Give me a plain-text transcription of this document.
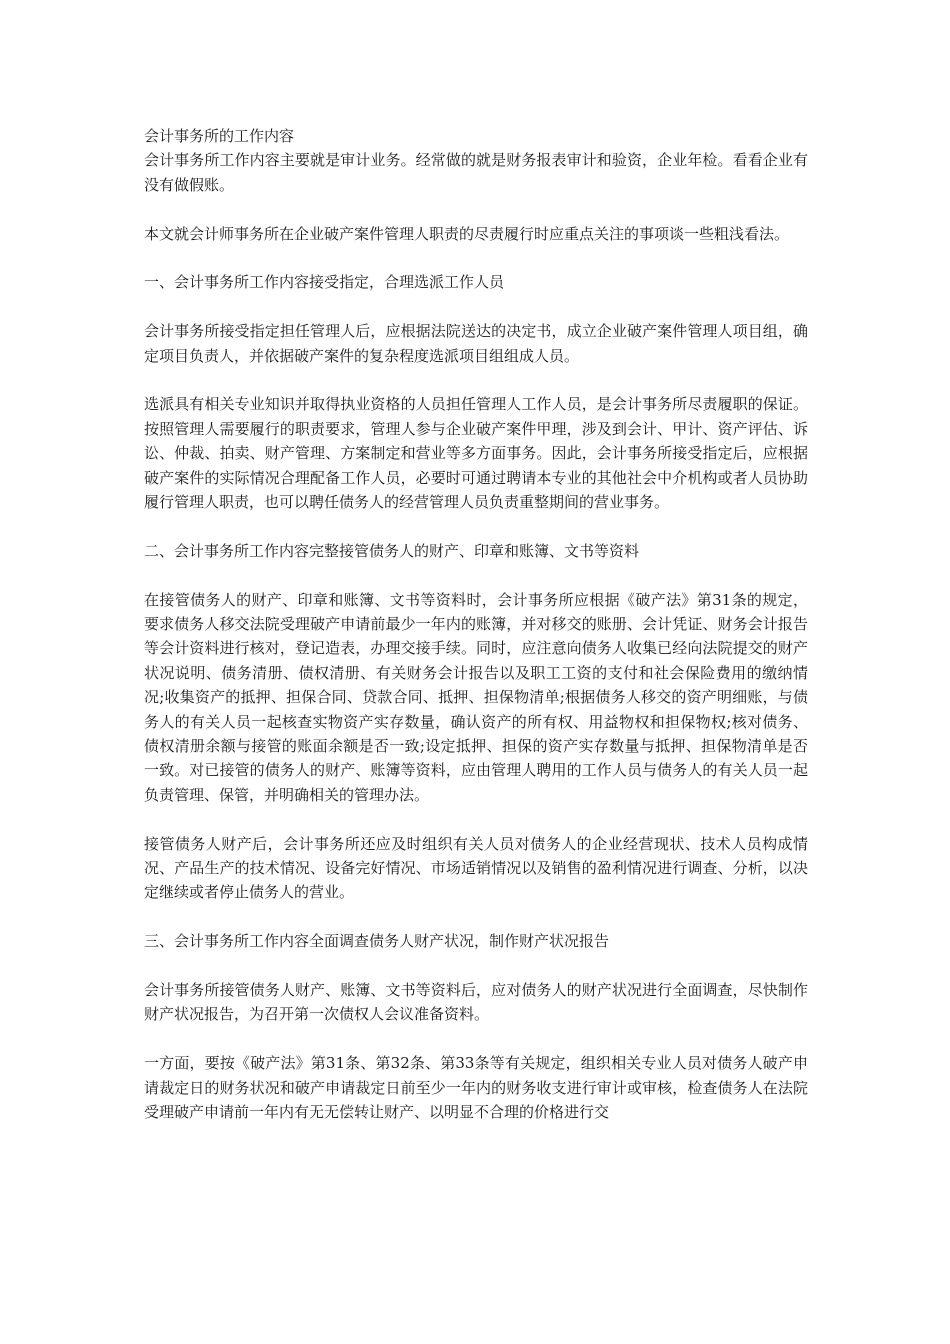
会计事务所的工作内容

会计事务所工作内容主要就是审计业务。经常做的就是财务报表审计和验资，企业年检。看看企业有没有做假账。

本文就会计师事务所在企业破产案件管理人职责的尽责履行时应重点关注的事项谈一些粗浅看法。

一、会计事务所工作内容接受指定，合理选派工作人员

会计事务所接受指定担任管理人后，应根据法院送达的决定书，成立企业破产案件管理人项目组，确定项目负责人，并依据破产案件的复杂程度选派项目组组成人员。

选派具有相关专业知识并取得执业资格的人员担任管理人工作人员，是会计事务所尽责履职的保证。按照管理人需要履行的职责要求，管理人参与企业破产案件甲理，涉及到会计、甲计、资产评估、诉讼、仲裁、拍卖、财产管理、方案制定和营业等多方面事务。因此，会计事务所接受指定后，应根据破产案件的实际情况合理配备工作人员，必要时可通过聘请本专业的其他社会中介机构或者人员协助履行管理人职责，也可以聘任债务人的经营管理人员负责重整期间的营业事务。

二、会计事务所工作内容完整接管债务人的财产、印章和账簿、文书等资料

在接管债务人的财产、印章和账簿、文书等资料时，会计事务所应根据《破产法》第31条的规定，要求债务人移交法院受理破产申请前最少一年内的账簿，并对移交的账册、会计凭证、财务会计报告等会计资料进行核对，登记造表，办理交接手续。同时，应注意向债务人收集已经向法院提交的财产状况说明、债务清册、债权清册、有关财务会计报告以及职工工资的支付和社会保险费用的缴纳情况;收集资产的抵押、担保合同、贷款合同、抵押、担保物清单;根据债务人移交的资产明细账，与债务人的有关人员一起核查实物资产实存数量，确认资产的所有权、用益物权和担保物权;核对债务、债权清册余额与接管的账面余额是否一致;设定抵押、担保的资产实存数量与抵押、担保物清单是否一致。对已接管的债务人的财产、账簿等资料，应由管理人聘用的工作人员与债务人的有关人员一起负责管理、保管，并明确相关的管理办法。

接管债务人财产后，会计事务所还应及时组织有关人员对债务人的企业经营现状、技术人员构成情况、产品生产的技术情况、设备完好情况、市场适销情况以及销售的盈利情况进行调查、分析，以决定继续或者停止债务人的营业。

三、会计事务所工作内容全面调查债务人财产状况，制作财产状况报告

会计事务所接管债务人财产、账簿、文书等资料后，应对债务人的财产状况进行全面调查，尽快制作财产状况报告，为召开第一次债权人会议准备资料。

一方面，要按《破产法》第31条、第32条、第33条等有关规定，组织相关专业人员对债务人破产申请裁定日的财务状况和破产申请裁定日前至少一年内的财务收支进行审计或审核，检查债务人在法院受理破产申请前一年内有无无偿转让财产、以明显不合理的价格进行交
